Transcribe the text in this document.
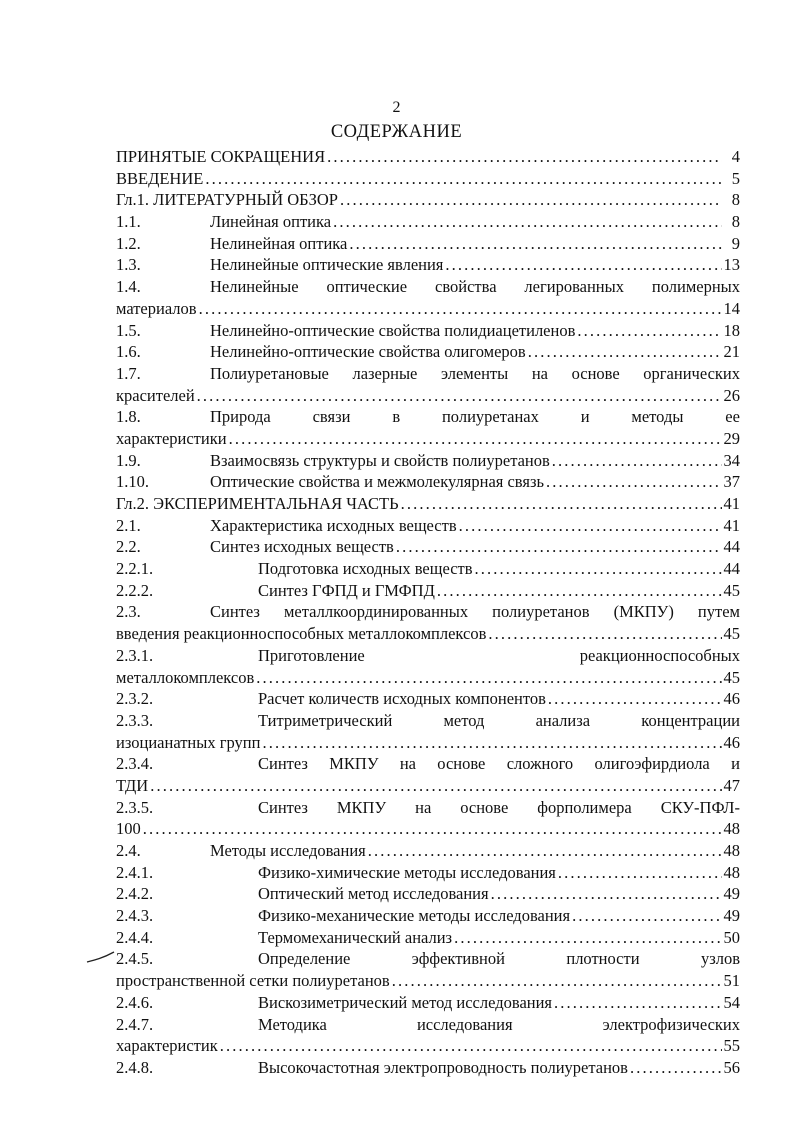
2
СОДЕРЖАНИЕ
ПРИНЯТЫЕ СОКРАЩЕНИЯ . . .	4
ВВЕДЕНИЕ . . .	5
Гл.1. ЛИТЕРАТУРНЫЙ ОБЗОР . . .	8
1.1.	Линейная оптика . . .	8
1.2.	Нелинейная оптика . . .	9
1.3.	Нелинейные оптические явления . . .	13
1.4.	Нелинейные оптические свойства легированных полимерных
материалов . . .	14
1.5.	Нелинейно-оптические свойства полидиацетиленов . . .	18
1.6.	Нелинейно-оптические свойства олигомеров . . .	21
1.7.	Полиуретановые лазерные элементы на основе органических
красителей . . .	26
1.8.	Природа	связи	в	полиуретанах	и	методы	ее
характеристики . . .	29
1.9.	Взаимосвязь структуры и свойств полиуретанов . . .	34
1.10.	Оптические свойства и межмолекулярная связь . . .	37
Гл.2. ЭКСПЕРИМЕНТАЛЬНАЯ ЧАСТЬ . . .	41
2.1.	Характеристика исходных веществ . . .	41
2.2.	Синтез исходных веществ . . .	44
2.2.1.	Подготовка исходных веществ . . .	44
2.2.2.	Синтез ГФПД и ГМФПД . . .	45
2.3.	Синтез металлкоординированных полиуретанов (МКПУ) путем
введения реакционноспособных металлокомплексов . . .	45
2.3.1.	Приготовление	реакционноспособных
металлокомплексов . . .	45
2.3.2.	Расчет количеств исходных компонентов . . .	46
2.3.3.	Титриметрический	метод	анализа	концентрации
изоцианатных групп . . .	46
2.3.4.	Синтез МКПУ на основе сложного олигоэфирдиола и
ТДИ . . .	47
2.3.5.	Синтез МКПУ на основе форполимера СКУ-ПФЛ-
100 . . .	48
2.4.	Методы исследования . . .	48
2.4.1.	Физико-химические методы исследования . . .	48
2.4.2.	Оптический метод исследования . . .	49
2.4.3.	Физико-механические методы исследования . . .	49
2.4.4.	Термомеханический анализ . . .	50
2.4.5.	Определение	эффективной	плотности	узлов
пространственной сетки полиуретанов . . .	51
2.4.6.	Вискозиметрический метод исследования . . .	54
2.4.7.	Методика	исследования	электрофизических
характеристик . . .	55
2.4.8.	Высокочастотная электропроводность полиуретанов . . .	56
